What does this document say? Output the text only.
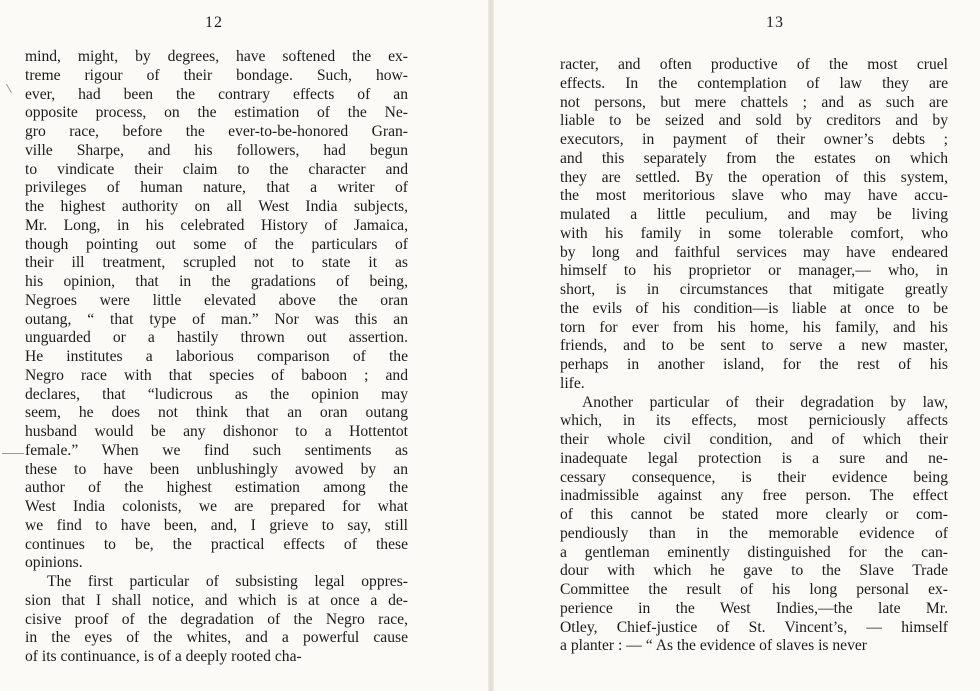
12

mind, might, by degrees, have softened the ex-
treme rigour of their bondage. Such, how-
ever, had been the contrary effects of an
opposite process, on the estimation of the Ne-
gro race, before the ever-to-be-honored Gran-
ville Sharpe, and his followers, had begun
to vindicate their claim to the character and
privileges of human nature, that a writer of
the highest authority on all West India subjects,
Mr. Long, in his celebrated History of Jamaica,
though pointing out some of the particulars of
their ill treatment, scrupled not to state it as
his opinion, that in the gradations of being,
Negroes were little elevated above the oran
outang, “ that type of man.” Nor was this an
unguarded or a hastily thrown out assertion.
He institutes a laborious comparison of the
Negro race with that species of baboon ; and
declares, that “ludicrous as the opinion may
seem, he does not think that an oran outang
husband would be any dishonor to a Hottentot
female.” When we find such sentiments as
these to have been unblushingly avowed by an
author of the highest estimation among the
West India colonists, we are prepared for what
we find to have been, and, I grieve to say, still
continues to be, the practical effects of these
opinions.
The first particular of subsisting legal oppres-
sion that I shall notice, and which is at once a de-
cisive proof of the degradation of the Negro race,
in the eyes of the whites, and a powerful cause
of its continuance, is of a deeply rooted cha-

13

racter, and often productive of the most cruel
effects. In the contemplation of law they are
not persons, but mere chattels ; and as such are
liable to be seized and sold by creditors and by
executors, in payment of their owner’s debts ;
and this separately from the estates on which
they are settled. By the operation of this system,
the most meritorious slave who may have accu-
mulated a little peculium, and may be living
with his family in some tolerable comfort, who
by long and faithful services may have endeared
himself to his proprietor or manager,— who, in
short, is in circumstances that mitigate greatly
the evils of his condition—is liable at once to be
torn for ever from his home, his family, and his
friends, and to be sent to serve a new master,
perhaps in another island, for the rest of his
life.
Another particular of their degradation by law,
which, in its effects, most perniciously affects
their whole civil condition, and of which their
inadequate legal protection is a sure and ne-
cessary consequence, is their evidence being
inadmissible against any free person. The effect
of this cannot be stated more clearly or com-
pendiously than in the memorable evidence of
a gentleman eminently distinguished for the can-
dour with which he gave to the Slave Trade
Committee the result of his long personal ex-
perience in the West Indies,—the late Mr.
Otley, Chief-justice of St. Vincent’s, — himself
a planter : — “ As the evidence of slaves is never
